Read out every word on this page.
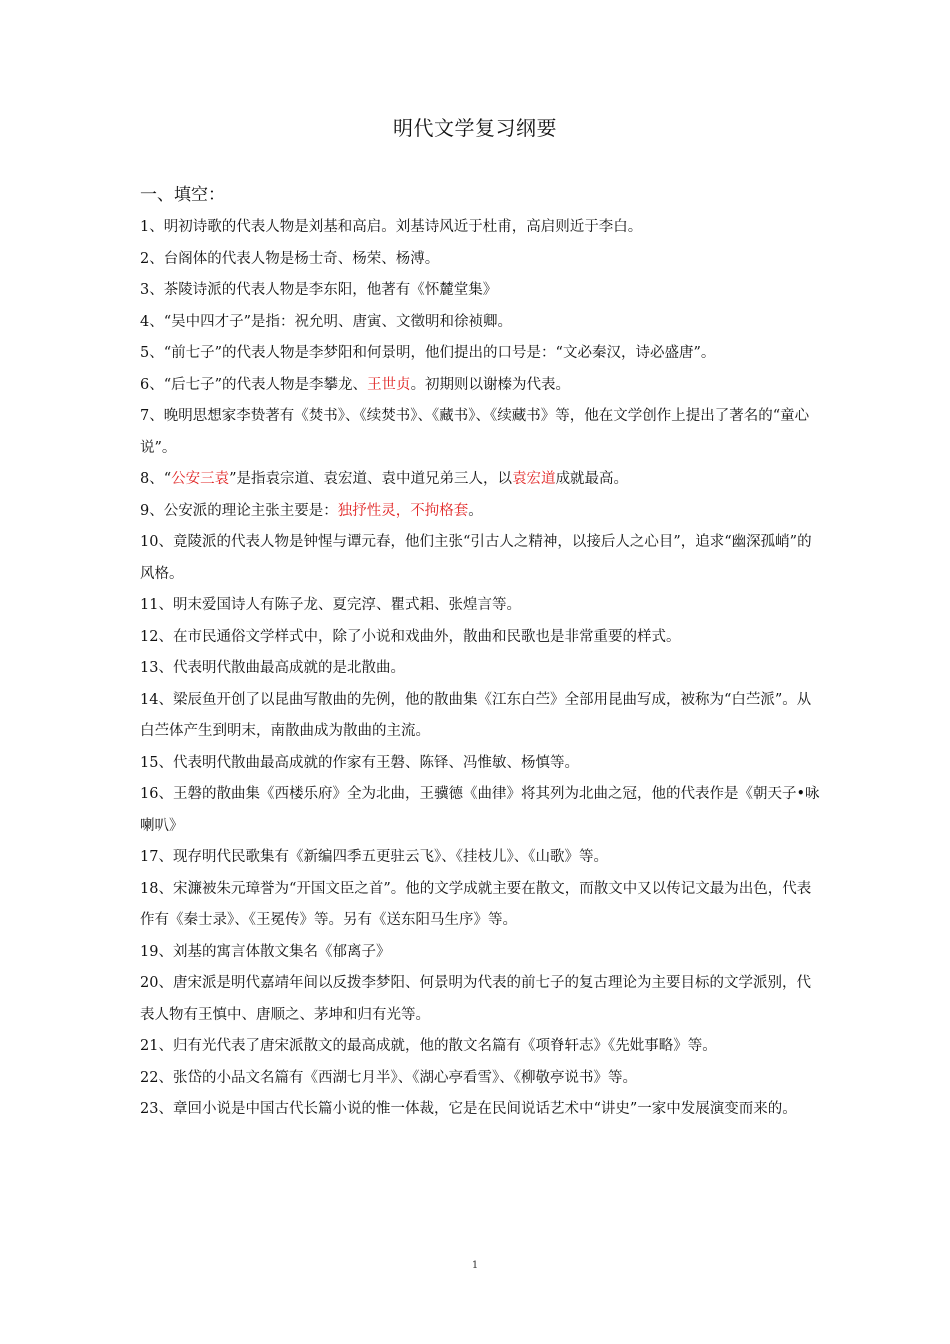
明代文学复习纲要
一、填空：
1、明初诗歌的代表人物是刘基和高启。刘基诗风近于杜甫，高启则近于李白。
2、台阁体的代表人物是杨士奇、杨荣、杨溥。
3、茶陵诗派的代表人物是李东阳，他著有《怀麓堂集》
4、“吴中四才子”是指：祝允明、唐寅、文徵明和徐祯卿。
5、“前七子”的代表人物是李梦阳和何景明，他们提出的口号是：“文必秦汉，诗必盛唐”。
6、“后七子”的代表人物是李攀龙、王世贞。初期则以谢榛为代表。
7、晚明思想家李贽著有《焚书》、《续焚书》、《藏书》、《续藏书》等，他在文学创作上提出了著名的“童心说”。
8、“公安三袁”是指袁宗道、袁宏道、袁中道兄弟三人，以袁宏道成就最高。
9、公安派的理论主张主要是：独抒性灵，不拘格套。
10、竟陵派的代表人物是钟惺与谭元春，他们主张“引古人之精神，以接后人之心目”，追求“幽深孤峭”的风格。
11、明末爱国诗人有陈子龙、夏完淳、瞿式耜、张煌言等。
12、在市民通俗文学样式中，除了小说和戏曲外，散曲和民歌也是非常重要的样式。
13、代表明代散曲最高成就的是北散曲。
14、梁辰鱼开创了以昆曲写散曲的先例，他的散曲集《江东白苎》全部用昆曲写成，被称为“白苎派”。从白苎体产生到明末，南散曲成为散曲的主流。
15、代表明代散曲最高成就的作家有王磐、陈铎、冯惟敏、杨慎等。
16、王磐的散曲集《西楼乐府》全为北曲，王骥德《曲律》将其列为北曲之冠，他的代表作是《朝天子•咏喇叭》
17、现存明代民歌集有《新编四季五更驻云飞》、《挂枝儿》、《山歌》等。
18、宋濂被朱元璋誉为“开国文臣之首”。他的文学成就主要在散文，而散文中又以传记文最为出色，代表作有《秦士录》、《王冕传》等。另有《送东阳马生序》等。
19、刘基的寓言体散文集名《郁离子》
20、唐宋派是明代嘉靖年间以反拨李梦阳、何景明为代表的前七子的复古理论为主要目标的文学派别，代表人物有王慎中、唐顺之、茅坤和归有光等。
21、归有光代表了唐宋派散文的最高成就，他的散文名篇有《项脊轩志》《先妣事略》等。
22、张岱的小品文名篇有《西湖七月半》、《湖心亭看雪》、《柳敬亭说书》等。
23、章回小说是中国古代长篇小说的惟一体裁，它是在民间说话艺术中“讲史”一家中发展演变而来的。
1
